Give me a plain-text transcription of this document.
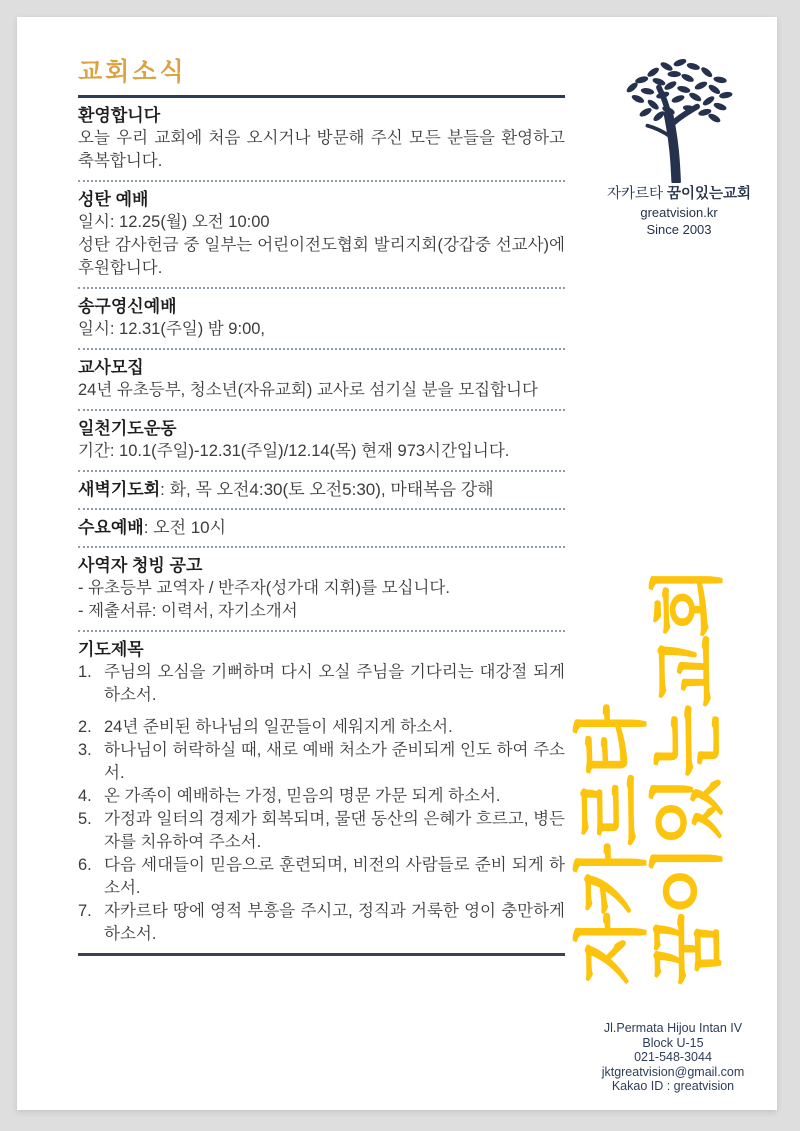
교회소식
환영합니다
오늘 우리 교회에 처음 오시거나 방문해 주신 모든 분들을 환영하고 축복합니다.
성탄 예배
일시: 12.25(월) 오전 10:00
성탄 감사헌금 중 일부는 어린이전도협회 발리지회(강갑중 선교사)에 후원합니다.
송구영신예배
일시: 12.31(주일) 밤 9:00,
교사모집
24년 유초등부, 청소년(자유교회) 교사로 섬기실 분을 모집합니다
일천기도운동
기간: 10.1(주일)-12.31(주일)/12.14(목) 현재 973시간입니다.
새벽기도회: 화, 목 오전4:30(토 오전5:30), 마태복음 강해
수요예배: 오전 10시
사역자 청빙 공고
- 유초등부 교역자 / 반주자(성가대 지휘)를 모십니다.
- 제출서류: 이력서, 자기소개서
기도제목
1. 주님의 오심을 기뻐하며 다시 오실 주님을 기다리는 대강절 되게 하소서.
2. 24년 준비된 하나님의 일꾼들이 세워지게 하소서.
3. 하나님이 허락하실 때, 새로 예배 처소가 준비되게 인도 하여 주소서.
4. 온 가족이 예배하는 가정, 믿음의 명문 가문 되게 하소서.
5. 가정과 일터의 경제가 회복되며, 물댄 동산의 은혜가 흐르고, 병든 자를 치유하여 주소서.
6. 다음 세대들이 믿음으로 훈련되며, 비전의 사람들로 준비 되게 하소서.
7. 자카르타 땅에 영적 부흥을 주시고, 정직과 거룩한 영이 충만하게 하소서.
자카르타 꿈이있는교회
greatvision.kr
Since 2003
자카르타
꿈이있는교회
Jl.Permata Hijou Intan IV
Block U-15
021-548-3044
jktgreatvision@gmail.com
Kakao ID : greatvision
